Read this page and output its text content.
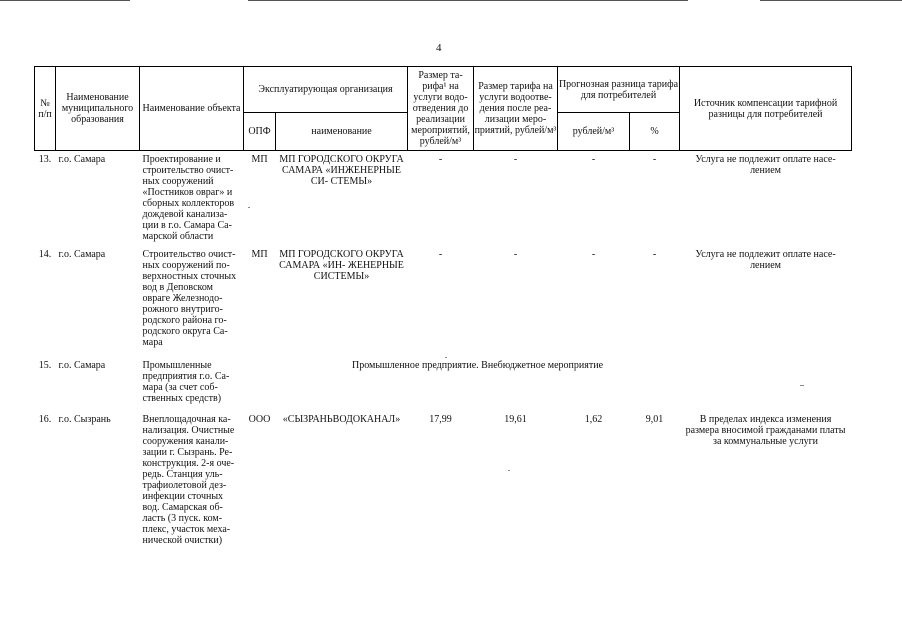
4
№ п/п	Наименование муниципального образования	Наименование объекта	Эксплуатирующая организация		Размер та- рифа¹ на услуги водо- отведения до реализации мероприятий, рублей/м³	Размер тарифа на услуги водоотве- дения после реа- лизации меро- приятий, рублей/м³	Прогнозная разница тарифа для потребителей		Источник компенсации тарифной разницы для потребителей
			ОПФ	наименование			рублей/м³	%	
13.	г.о. Самара	Проектирование и строительство очист- ных сооружений «Постников овраг» и сборных коллекторов дождевой канализа- ции в г.о. Самара Са- марской области	МП	МП ГОРОДСКОГО ОКРУГА САМАРА «ИНЖЕНЕРНЫЕ СИ- СТЕМЫ»	-	-	-	-	Услуга не подлежит оплате насе- лением
14.	г.о. Самара	Строительство очист- ных сооружений по- верхностных сточных вод в Деповском овраге Железнодо- рожного внутриго- родского района го- родского округа Са- мара	МП	МП ГОРОДСКОГО ОКРУГА САМАРА «ИН- ЖЕНЕРНЫЕ СИСТЕМЫ»	-	-	-	-	Услуга не подлежит оплате насе- лением
15.	г.о. Самара	Промышленные предприятия г.о. Са- мара (за счет соб- ственных средств)		Промышленное предприятие. Внебюджетное мероприятие					
16.	г.о. Сызрань	Внеплощадочная ка- нализация. Очистные сооружения канали- зации г. Сызрань. Ре- конструкция. 2-я оче- редь. Станция уль- трафиолетовой дез- инфекции сточных вод. Самарская об- ласть (3 пуск. ком- плекс, участок меха- нической очистки)	ООО	«СЫЗРАНЬВОДОКАНАЛ»	17,99	19,61	1,62	9,01	В пределах индекса изменения размера вносимой гражданами платы за коммунальные услуги
